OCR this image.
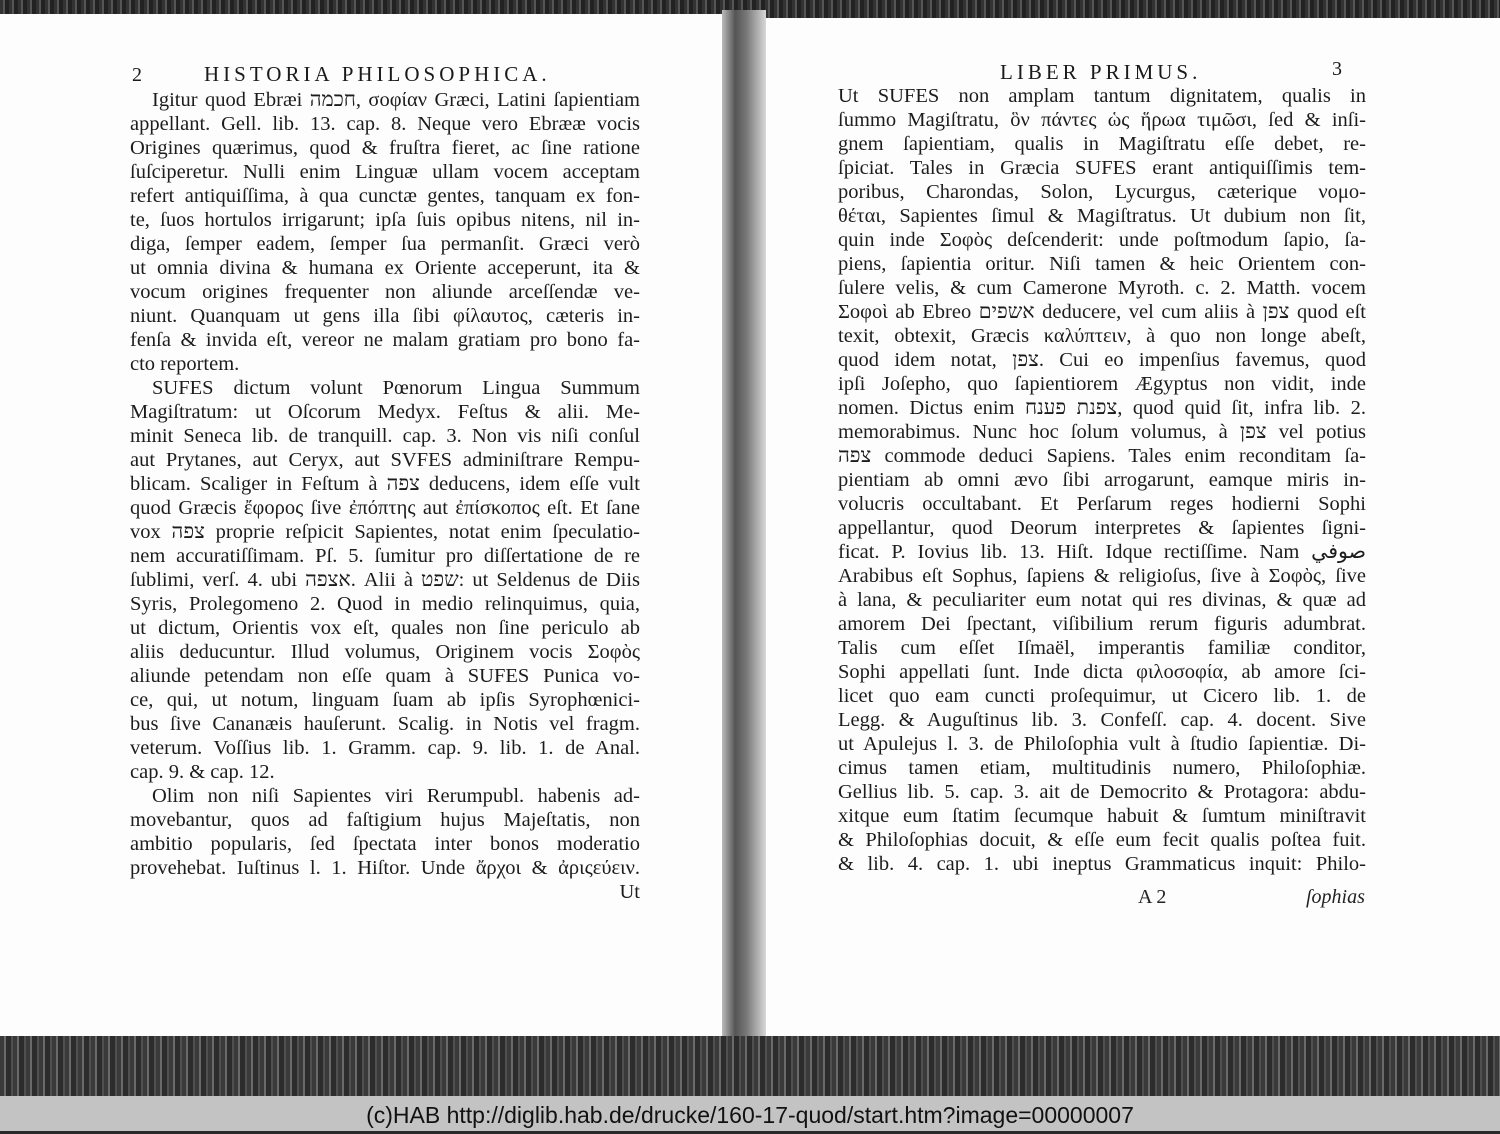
2	HISTORIA PHILOSOPHICA.
Igitur quod Ebræi חכמה, σοφίαν Græci, Latini ſapientiam
appellant. Gell. lib. 13. cap. 8. Neque vero Ebrææ vocis
Origines quærimus, quod & fruſtra fieret, ac ſine ratione
ſuſciperetur. Nulli enim Linguæ ullam vocem acceptam
refert antiquiſſima, à qua cunctæ gentes, tanquam ex fon-
te, ſuos hortulos irrigarunt; ipſa ſuis opibus nitens, nil in-
diga, ſemper eadem, ſemper ſua permanſit. Græci verò
ut omnia divina & humana ex Oriente acceperunt, ita &
vocum origines frequenter non aliunde arceſſendæ ve-
niunt. Quanquam ut gens illa ſibi φίλαυτος, cæteris in-
fenſa & invida eſt, vereor ne malam gratiam pro bono fa-
cto reportem.
SUFES dictum volunt Pœnorum Lingua Summum
Magiſtratum: ut Oſcorum Medyx. Feſtus & alii. Me-
minit Seneca lib. de tranquill. cap. 3. Non vis niſi conſul
aut Prytanes, aut Ceryx, aut SVFES adminiſtrare Rempu-
blicam. Scaliger in Feſtum à צפה deducens, idem eſſe vult
quod Græcis ἔφορος ſive ἐπόπτης aut ἐπίσκοπος eſt. Et ſane
vox צפה proprie reſpicit Sapientes, notat enim ſpeculatio-
nem accuratiſſimam. Pſ. 5. ſumitur pro diſſertatione de re
ſublimi, verſ. 4. ubi אצפה. Alii à שפט: ut Seldenus de Diis
Syris, Prolegomeno 2. Quod in medio relinquimus, quia,
ut dictum, Orientis vox eſt, quales non ſine periculo ab
aliis deducuntur. Illud volumus, Originem vocis Σοφὸς
aliunde petendam non eſſe quam à SUFES Punica vo-
ce, qui, ut notum, linguam ſuam ab ipſis Syrophœnici-
bus ſive Cananæis hauſerunt. Scalig. in Notis vel fragm.
veterum. Voſſius lib. 1. Gramm. cap. 9. lib. 1. de Anal.
cap. 9. & cap. 12.
Olim non niſi Sapientes viri Rerumpubl. habenis ad-
movebantur, quos ad faſtigium hujus Majeſtatis, non
ambitio popularis, ſed ſpectata inter bonos moderatio
provehebat. Iuſtinus l. 1. Hiſtor. Unde ἄρχοι & ἀριςεύειν.
Ut
LIBER PRIMUS.	3
Ut SUFES non amplam tantum dignitatem, qualis in
ſummo Magiſtratu, ὃν πάντες ὡς ἥρωα τιμῶσι, ſed & inſi-
gnem ſapientiam, qualis in Magiſtratu eſſe debet, re-
ſpiciat. Tales in Græcia SUFES erant antiquiſſimis tem-
poribus, Charondas, Solon, Lycurgus, cæterique νομο-
θέται, Sapientes ſimul & Magiſtratus. Ut dubium non ſit,
quin inde Σοφὸς deſcenderit: unde poſtmodum ſapio, ſa-
piens, ſapientia oritur. Niſi tamen & heic Orientem con-
ſulere velis, & cum Camerone Myroth. c. 2. Matth. vocem
Σοφοὶ ab Ebreo אשפים deducere, vel cum aliis à צפן quod eſt
texit, obtexit, Græcis καλύπτειν, à quo non longe abeſt,
quod idem notat, צפן. Cui eo impenſius favemus, quod
ipſi Joſepho, quo ſapientiorem Ægyptus non vidit, inde
nomen. Dictus enim צפנת פענח, quod quid ſit, infra lib. 2.
memorabimus. Nunc hoc ſolum volumus, à צפן vel potius
צפה commode deduci Sapiens. Tales enim reconditam ſa-
pientiam ab omni ævo ſibi arrogarunt, eamque miris in-
volucris occultabant. Et Perſarum reges hodierni Sophi
appellantur, quod Deorum interpretes & ſapientes ſigni-
ficat. P. Iovius lib. 13. Hiſt. Idque rectiſſime. Nam صوفي
Arabibus eſt Sophus, ſapiens & religioſus, ſive à Σοφὸς, ſive
à lana, & peculiariter eum notat qui res divinas, & quæ ad
amorem Dei ſpectant, viſibilium rerum figuris adumbrat.
Talis cum eſſet Iſmaël, imperantis familiæ conditor,
Sophi appellati ſunt. Inde dicta φιλοσοφία, ab amore ſci-
licet quo eam cuncti proſequimur, ut Cicero lib. 1. de
Legg. & Auguſtinus lib. 3. Confeſſ. cap. 4. docent. Sive
ut Apulejus l. 3. de Philoſophia vult à ſtudio ſapientiæ. Di-
cimus tamen etiam, multitudinis numero, Philoſophiæ.
Gellius lib. 5. cap. 3. ait de Democrito & Protagora: abdu-
xitque eum ſtatim ſecumque habuit & ſumtum miniſtravit
& Philoſophias docuit, & eſſe eum fecit qualis poſtea fuit.
& lib. 4. cap. 1. ubi ineptus Grammaticus inquit: Philo-
A 2	ſophias
(c)HAB http://diglib.hab.de/drucke/160-17-quod/start.htm?image=00000007
